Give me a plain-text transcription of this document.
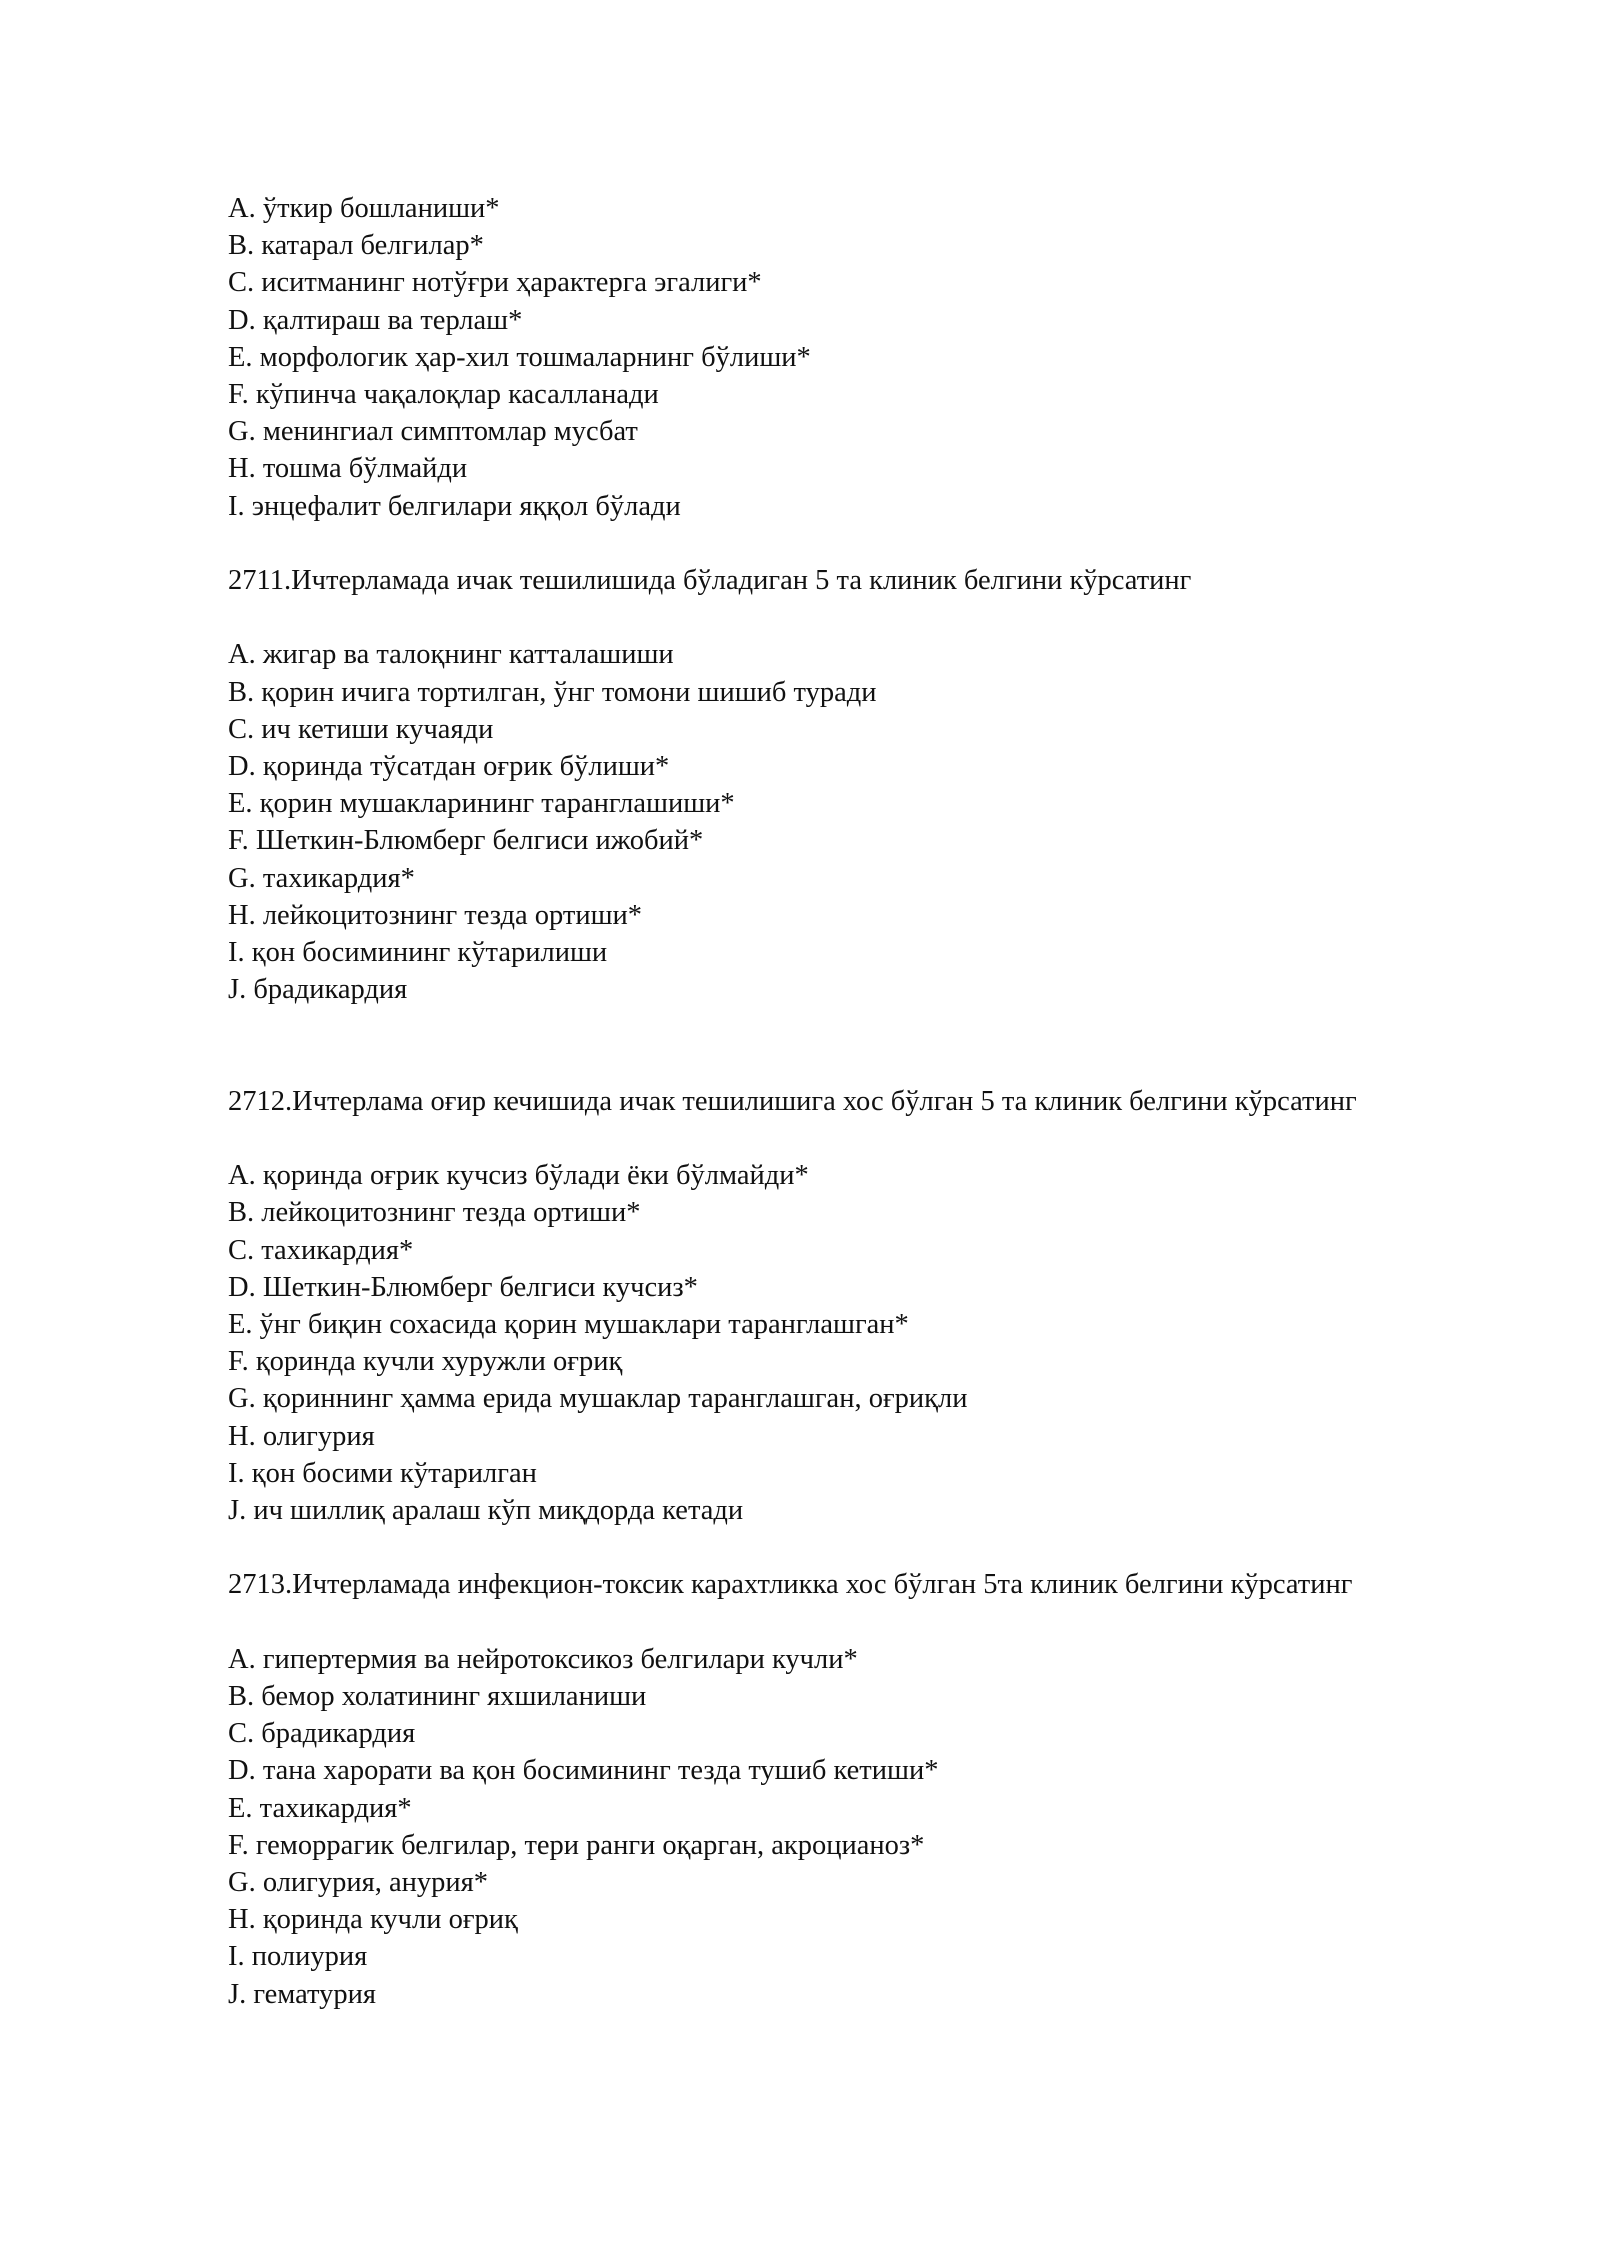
A. ўткир бошланиши*
B. катарал белгилар*
C. иситманинг нотўғри ҳарактерга эгалиги*
D. қалтираш ва терлаш*
E. морфологик ҳар-хил тошмаларнинг бўлиши*
F. кўпинча чақалоқлар касалланади
G. менингиал симптомлар мусбат
H. тошма бўлмайди
I. энцефалит белгилари яққол бўлади

2711.Ичтерламада ичак тешилишида бўладиган 5 та клиник белгини кўрсатинг

A. жигар ва талоқнинг катталашиши
B. қорин ичига тортилган, ўнг томони шишиб туради
C. ич кетиши кучаяди
D. қоринда тўсатдан оғрик бўлиши*
E. қорин мушакларининг таранглашиши*
F. Шеткин-Блюмберг белгиси ижобий*
G. тахикардия*
H. лейкоцитознинг тезда ортиши*
I. қон босимининг кўтарилиши
J. брадикардия

2712.Ичтерлама оғир кечишида ичак тешилишига хос бўлган 5 та клиник белгини кўрсатинг

A. қоринда оғрик кучсиз бўлади ёки бўлмайди*
B. лейкоцитознинг тезда ортиши*
C. тахикардия*
D. Шеткин-Блюмберг белгиси кучсиз*
E. ўнг биқин сохасида қорин мушаклари таранглашган*
F. қоринда кучли хуружли оғриқ
G. қориннинг ҳамма ерида мушаклар таранглашган, оғриқли
H. олигурия
I. қон босими кўтарилган
J. ич шиллиқ аралаш кўп миқдорда кетади

2713.Ичтерламада инфекцион-токсик карахтликка хос бўлган 5та клиник белгини кўрсатинг

A. гипертермия ва нейротоксикоз белгилари кучли*
B. бемор холатининг яхшиланиши
C. брадикардия
D. тана харорати ва қон босимининг тезда тушиб кетиши*
E. тахикардия*
F. геморрагик белгилар, тери ранги оқарган, акроцианоз*
G. олигурия, анурия*
H. қоринда кучли оғриқ
I. полиурия
J. гематурия
